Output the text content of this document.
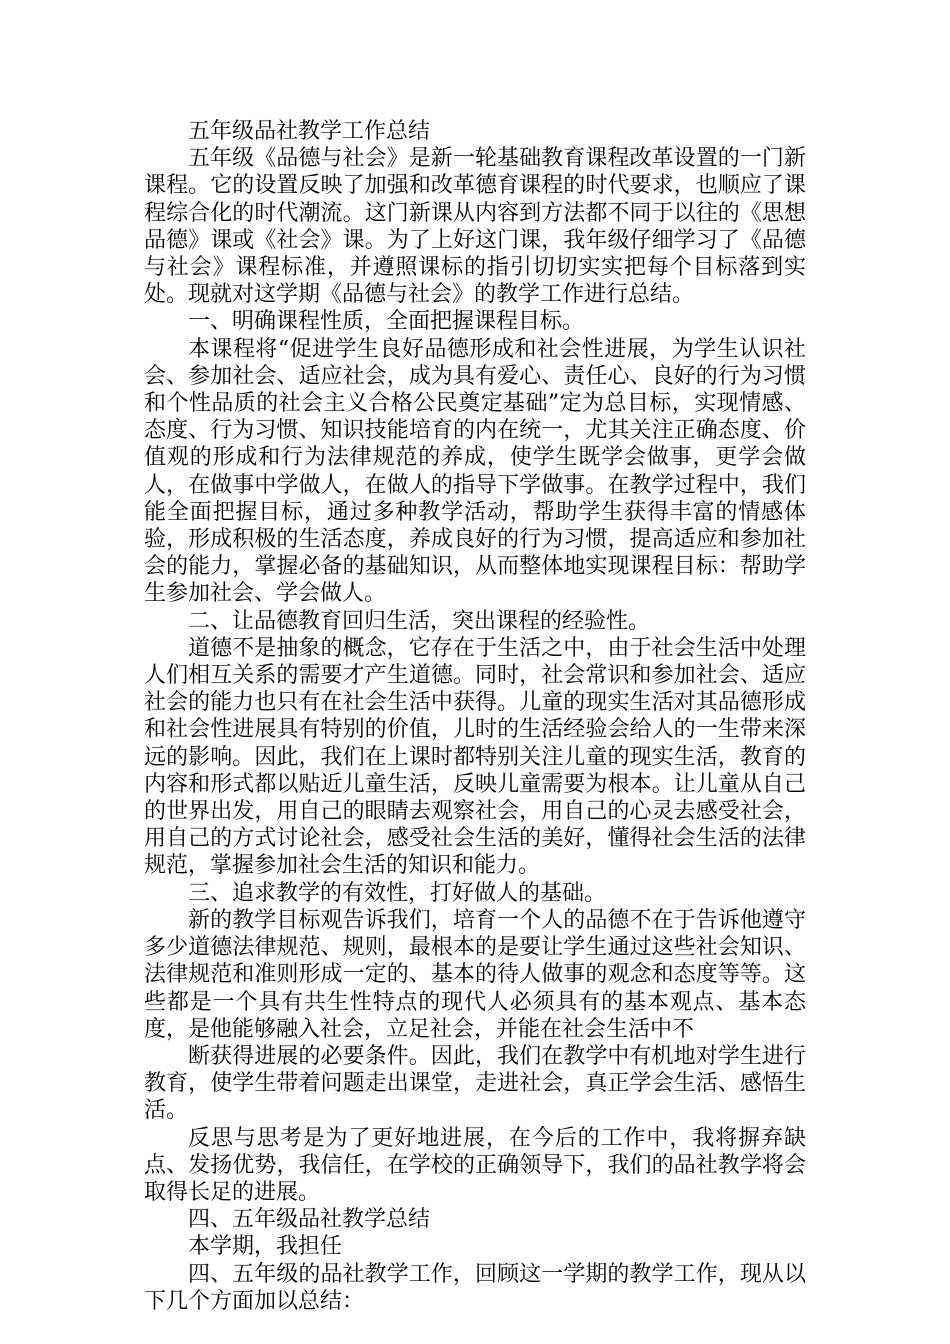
五年级品社教学工作总结

五年级《品德与社会》是新一轮基础教育课程改革设置的一门新课程。它的设置反映了加强和改革德育课程的时代要求，也顺应了课程综合化的时代潮流。这门新课从内容到方法都不同于以往的《思想品德》课或《社会》课。为了上好这门课，我年级仔细学习了《品德与社会》课程标准，并遵照课标的指引切切实实把每个目标落到实处。现就对这学期《品德与社会》的教学工作进行总结。

一、明确课程性质，全面把握课程目标。

本课程将“促进学生良好品德形成和社会性进展，为学生认识社会、参加社会、适应社会，成为具有爱心、责任心、良好的行为习惯和个性品质的社会主义合格公民奠定基础”定为总目标，实现情感、态度、行为习惯、知识技能培育的内在统一，尤其关注正确态度、价值观的形成和行为法律规范的养成，使学生既学会做事，更学会做人，在做事中学做人，在做人的指导下学做事。在教学过程中，我们能全面把握目标，通过多种教学活动，帮助学生获得丰富的情感体验，形成积极的生活态度，养成良好的行为习惯，提高适应和参加社会的能力，掌握必备的基础知识，从而整体地实现课程目标：帮助学生参加社会、学会做人。

二、让品德教育回归生活，突出课程的经验性。

道德不是抽象的概念，它存在于生活之中，由于社会生活中处理人们相互关系的需要才产生道德。同时，社会常识和参加社会、适应社会的能力也只有在社会生活中获得。儿童的现实生活对其品德形成和社会性进展具有特别的价值，儿时的生活经验会给人的一生带来深远的影响。因此，我们在上课时都特别关注儿童的现实生活，教育的内容和形式都以贴近儿童生活，反映儿童需要为根本。让儿童从自己的世界出发，用自己的眼睛去观察社会，用自己的心灵去感受社会，用自己的方式讨论社会，感受社会生活的美好，懂得社会生活的法律规范，掌握参加社会生活的知识和能力。

三、追求教学的有效性，打好做人的基础。

新的教学目标观告诉我们，培育一个人的品德不在于告诉他遵守多少道德法律规范、规则，最根本的是要让学生通过这些社会知识、法律规范和准则形成一定的、基本的待人做事的观念和态度等等。这些都是一个具有共生性特点的现代人必须具有的基本观点、基本态度，是他能够融入社会，立足社会，并能在社会生活中不

断获得进展的必要条件。因此，我们在教学中有机地对学生进行教育，使学生带着问题走出课堂，走进社会，真正学会生活、感悟生活。

反思与思考是为了更好地进展，在今后的工作中，我将摒弃缺点、发扬优势，我信任，在学校的正确领导下，我们的品社教学将会取得长足的进展。

四、五年级品社教学总结

本学期，我担任

四、五年级的品社教学工作，回顾这一学期的教学工作，现从以下几个方面加以总结：
